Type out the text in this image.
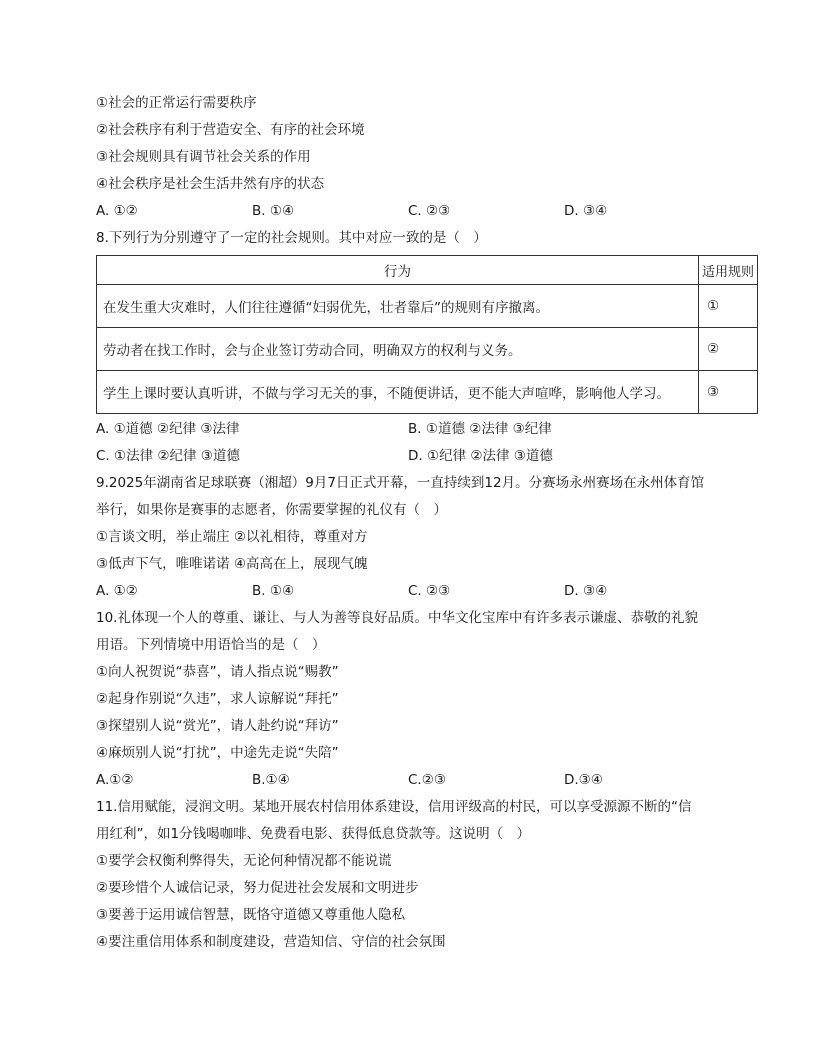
①社会的正常运行需要秩序
②社会秩序有利于营造安全、有序的社会环境
③社会规则具有调节社会关系的作用
④社会秩序是社会生活井然有序的状态
A. ①②	B. ①④	C. ②③	D. ③④
8.下列行为分别遵守了一定的社会规则。其中对应一致的是（　）
行为	适用规则
在发生重大灾难时，人们往往遵循“妇弱优先，壮者靠后”的规则有序撤离。	①
劳动者在找工作时，会与企业签订劳动合同，明确双方的权利与义务。	②
学生上课时要认真听讲，不做与学习无关的事，不随便讲话，更不能大声喧哗，影响他人学习。	③
A. ①道德 ②纪律 ③法律	B. ①道德 ②法律 ③纪律
C. ①法律 ②纪律 ③道德	D. ①纪律 ②法律 ③道德
9.2025年湖南省足球联赛（湘超）9月7日正式开幕，一直持续到12月。分赛场永州赛场在永州体育馆
举行，如果你是赛事的志愿者，你需要掌握的礼仪有（　）
①言谈文明，举止端庄 ②以礼相待，尊重对方
③低声下气，唯唯诺诺 ④高高在上，展现气魄
A. ①②	B. ①④	C. ②③	D. ③④
10.礼体现一个人的尊重、谦让、与人为善等良好品质。中华文化宝库中有许多表示谦虚、恭敬的礼貌
用语。下列情境中用语恰当的是（　）
①向人祝贺说“恭喜”，请人指点说“赐教”
②起身作别说“久违”，求人谅解说“拜托”
③探望别人说“赏光”，请人赴约说“拜访”
④麻烦别人说“打扰”，中途先走说“失陪”
A.①②	B.①④	C.②③	D.③④
11.信用赋能，浸润文明。某地开展农村信用体系建设，信用评级高的村民，可以享受源源不断的“信
用红利”，如1分钱喝咖啡、免费看电影、获得低息贷款等。这说明（　）
①要学会权衡利弊得失，无论何种情况都不能说谎
②要珍惜个人诚信记录，努力促进社会发展和文明进步
③要善于运用诚信智慧，既恪守道德又尊重他人隐私
④要注重信用体系和制度建设，营造知信、守信的社会氛围
